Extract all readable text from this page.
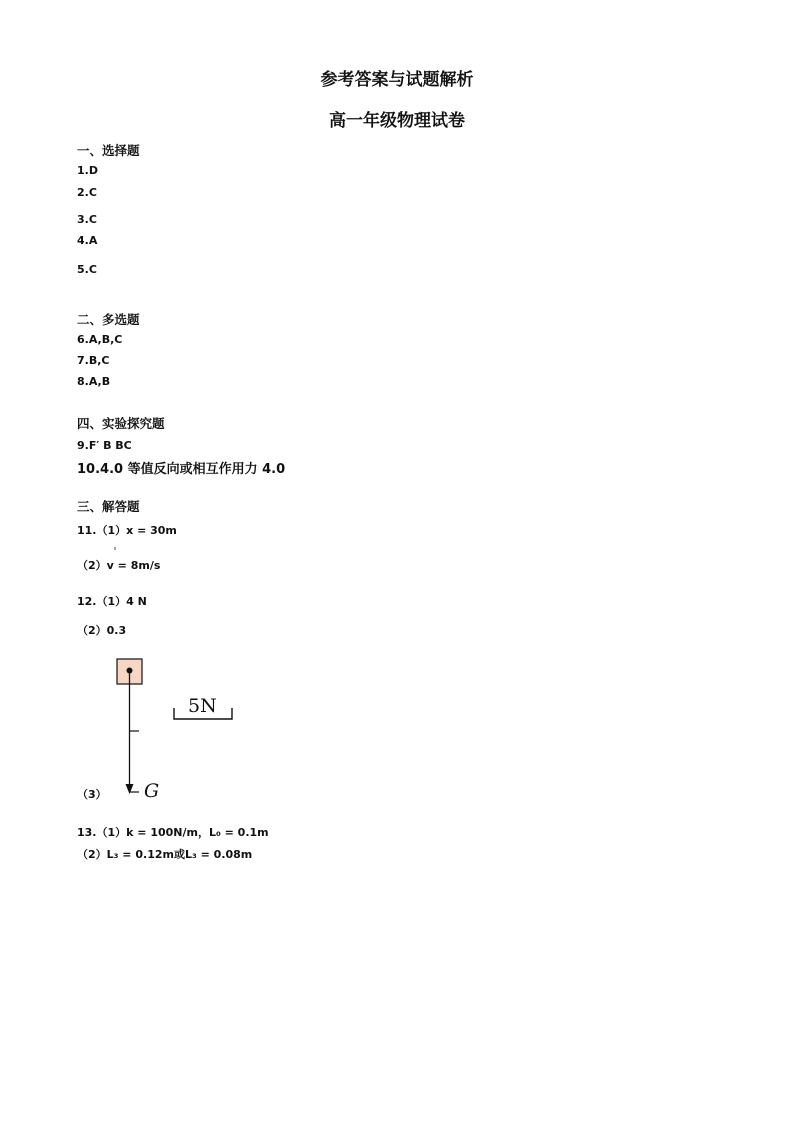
参考答案与试题解析
高一年级物理试卷
一、选择题
1.D
2.C
3.C
4.A
5.C
二、多选题
6.A,B,C
7.B,C
8.A,B
四、实验探究题
9.F′ B BC
10.4.0 等值反向或相互作用力 4.0
三、解答题
11.（1）x = 30m
（2）v = 8m/s
12.（1）4 N
（2）0.3
（3）
13.（1）k = 100N/m，L₀ = 0.1m
（2）L₃ = 0.12m或L₃ = 0.08m
5N
G
